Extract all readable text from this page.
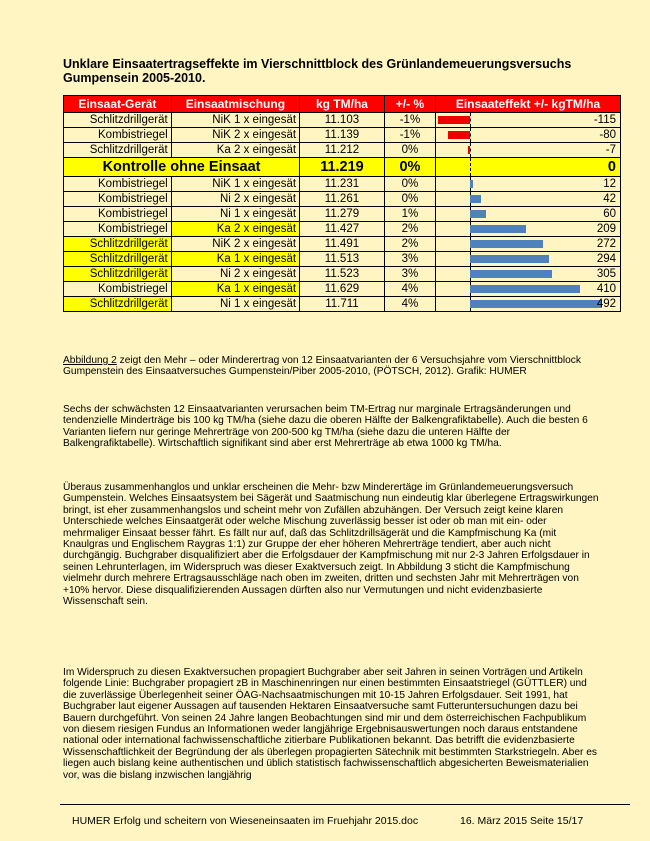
Unklare Einsaatertragseffekte im Vierschnittblock des Grünlandemeuerungsversuchs Gumpensein 2005-2010.
Einsaat-Gerät	Einsaatmischung	kg TM/ha	+/- %	Einsaateffekt +/- kgTM/ha
Schlitzdrillgerät	NiK 1 x eingesät	11.103	-1%	-115

Kombistriegel	NiK 2 x eingesät	11.139	-1%	-80

Schlitzdrillgerät	Ka 2 x eingesät	11.212	0%	-7

Kontrolle ohne Einsaat		11.219	0%	0

Kombistriegel	NiK 1 x eingesät	11.231	0%	12

Kombistriegel	Ni 2 x eingesät	11.261	0%	42

Kombistriegel	Ni 1 x eingesät	11.279	1%	60

Kombistriegel	Ka 2 x eingesät	11.427	2%	209

Schlitzdrillgerät	NiK 2 x eingesät	11.491	2%	272

Schlitzdrillgerät	Ka 1 x eingesät	11.513	3%	294

Schlitzdrillgerät	Ni 2 x eingesät	11.523	3%	305

Kombistriegel	Ka 1 x eingesät	11.629	4%	410

Schlitzdrillgerät	Ni 1 x eingesät	11.711	4%	492
Abbildung 2 zeigt den Mehr – oder Minderertrag von 12 Einsaatvarianten der 6 Versuchsjahre vom Vierschnittblock Gumpenstein des Einsaatversuches Gumpenstein/Piber 2005-2010, (PÖTSCH, 2012). Grafik: HUMER
Sechs der schwächsten 12 Einsaatvarianten verursachen beim TM-Ertrag nur marginale Ertragsänderungen und tendenzielle Minderträge bis 100 kg TM/ha (siehe dazu die oberen Hälfte der Balkengrafiktabelle). Auch die besten 6 Varianten liefern nur geringe Mehrerträge von 200-500 kg TM/ha (siehe dazu die unteren Hälfte der Balkengrafiktabelle). Wirtschaftlich signifikant sind aber erst Mehrerträge ab etwa 1000 kg TM/ha.
Überaus zusammenhanglos und unklar erscheinen die Mehr- bzw Minderertäge im Grünlandemeuerungsversuch Gumpenstein. Welches Einsaatsystem bei Sägerät und Saatmischung nun eindeutig klar überlegene Ertragswirkungen bringt, ist eher zusammenhangslos und scheint mehr von Zufällen abzuhängen. Der Versuch zeigt keine klaren Unterschiede welches Einsaatgerät oder welche Mischung zuverlässig besser ist oder ob man mit ein- oder mehrmaliger Einsaat besser fährt. Es fällt nur auf, daß das Schlitzdrillsägerät und die Kampfmischung Ka (mit Knaulgras und Englischem Raygras 1:1) zur Gruppe der eher höheren Mehrerträge tendiert, aber auch nicht durchgängig. Buchgraber disqualifiziert aber die Erfolgsdauer der Kampfmischung mit nur 2-3 Jahren Erfolgsdauer in seinen Lehrunterlagen, im Widerspruch was dieser Exaktversuch zeigt. In Abbildung 3 sticht die Kampfmischung vielmehr durch mehrere Ertragsausschläge nach oben im zweiten, dritten und sechsten Jahr mit Mehrerträgen von +10% hervor. Diese disqualifizierenden Aussagen dürften also nur Vermutungen und nicht evidenzbasierte Wissenschaft sein.
Im Widerspruch zu diesen Exaktversuchen propagiert Buchgraber aber seit Jahren in seinen Vorträgen und Artikeln folgende Linie: Buchgraber propagiert zB in Maschinenringen nur einen bestimmten Einsaatstriegel (GÜTTLER) und die zuverlässige Überlegenheit seiner ÖAG-Nachsaatmischungen mit 10-15 Jahren Erfolgsdauer. Seit 1991, hat Buchgraber laut eigener Aussagen auf tausenden Hektaren Einsaatversuche samt Futteruntersuchungen dazu bei Bauern durchgeführt. Von seinen 24 Jahre langen Beobachtungen sind mir und dem österreichischen Fachpublikum von diesem riesigen Fundus an Informationen weder langjährige Ergebnisauswertungen noch daraus entstandene national oder international fachwissenschaftliche zitierbare Publikationen bekannt. Das betrifft die evidenzbasierte Wissenschaftlichkeit der Begründung der als überlegen propagierten Sätechnik mit bestimmten Starkstriegeln. Aber es liegen auch bislang keine authentischen und üblich statistisch fachwissenschaftlich abgesicherten Beweismaterialien vor, was die bislang inzwischen langjährig
HUMER Erfolg und scheitern von Wieseneinsaaten im Fruehjahr 2015.doc	16. März 2015 Seite 15/17
